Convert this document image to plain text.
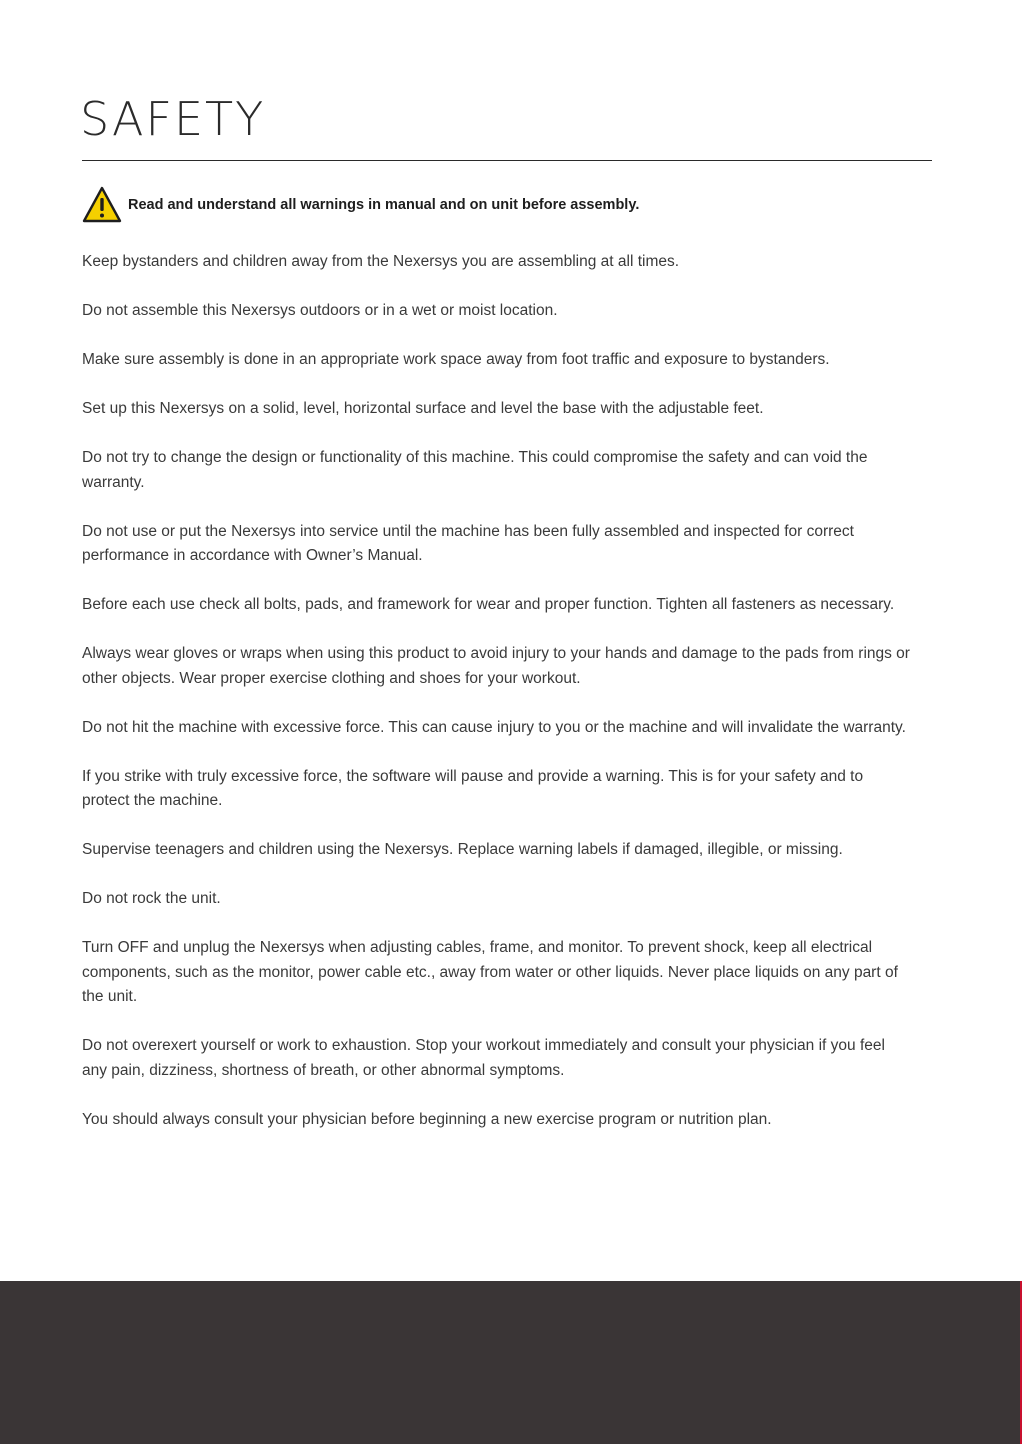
SAFETY
Read and understand all warnings in manual and on unit before assembly.

Keep bystanders and children away from the Nexersys you are assembling at all times.

Do not assemble this Nexersys outdoors or in a wet or moist location.

Make sure assembly is done in an appropriate work space away from foot traffic and exposure to bystanders.

Set up this Nexersys on a solid, level, horizontal surface and level the base with the adjustable feet.

Do not try to change the design or functionality of this machine. This could compromise the safety and can void the warranty.

Do not use or put the Nexersys into service until the machine has been fully assembled and inspected for correct performance in accordance with Owner’s Manual.

Before each use check all bolts, pads, and framework for wear and proper function. Tighten all fasteners as necessary.

Always wear gloves or wraps when using this product to avoid injury to your hands and damage to the pads from rings or other objects. Wear proper exercise clothing and shoes for your workout.

Do not hit the machine with excessive force. This can cause injury to you or the machine and will invalidate the warranty.

If you strike with truly excessive force, the software will pause and provide a warning. This is for your safety and to protect the machine.

Supervise teenagers and children using the Nexersys. Replace warning labels if damaged, illegible, or missing.

Do not rock the unit.

Turn OFF and unplug the Nexersys when adjusting cables, frame, and monitor. To prevent shock, keep all electrical components, such as the monitor, power cable etc., away from water or other liquids. Never place liquids on any part of the unit.

Do not overexert yourself or work to exhaustion. Stop your workout immediately and consult your physician if you feel any pain, dizziness, shortness of breath, or other abnormal symptoms.

You should always consult your physician before beginning a new exercise program or nutrition plan.
